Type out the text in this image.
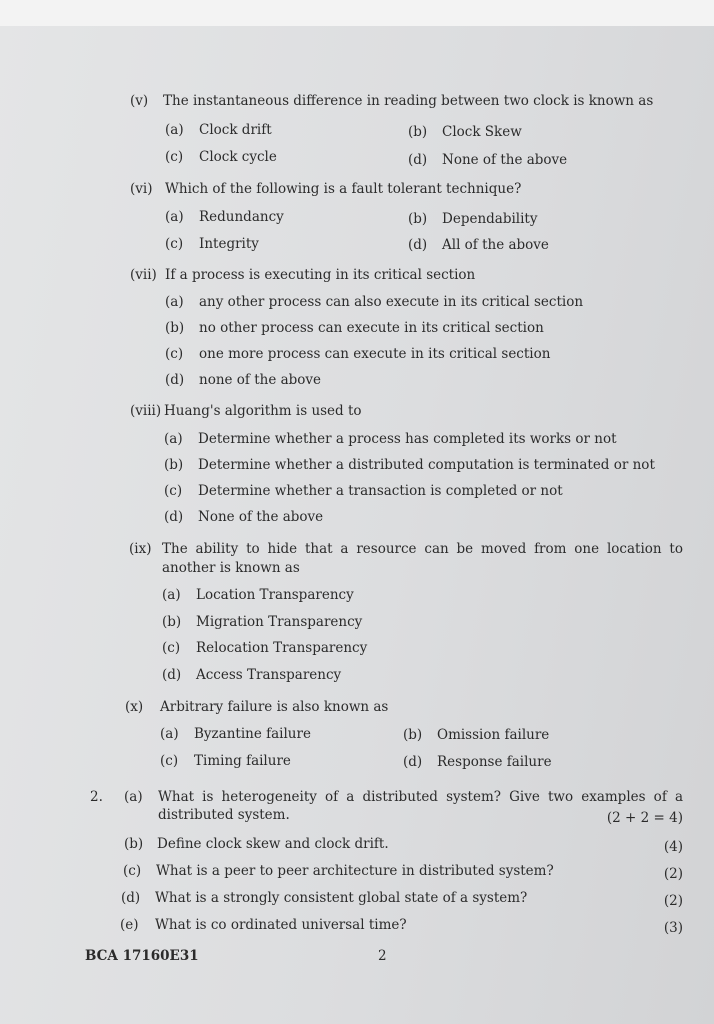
(v) The instantaneous difference in reading between two clock is known as
(a) Clock drift	(b) Clock Skew
(c) Clock cycle	(d) None of the above
(vi) Which of the following is a fault tolerant technique?
(a) Redundancy	(b) Dependability
(c) Integrity	(d) All of the above
(vii) If a process is executing in its critical section
(a) any other process can also execute in its critical section
(b) no other process can execute in its critical section
(c) one more process can execute in its critical section
(d) none of the above
(viii) Huang's algorithm is used to
(a) Determine whether a process has completed its works or not
(b) Determine whether a distributed computation is terminated or not
(c) Determine whether a transaction is completed or not
(d) None of the above
(ix) The ability to hide that a resource can be moved from one location to
another is known as
(a) Location Transparency
(b) Migration Transparency
(c) Relocation Transparency
(d) Access Transparency
(x) Arbitrary failure is also known as
(a) Byzantine failure	(b) Omission failure
(c) Timing failure	(d) Response failure
2. (a) What is heterogeneity of a distributed system? Give two examples of a
distributed system.	(2 + 2 = 4)
(b) Define clock skew and clock drift.	(4)
(c) What is a peer to peer architecture in distributed system?	(2)
(d) What is a strongly consistent global state of a system?	(2)
(e) What is co ordinated universal time?	(3)
BCA 17160E31	2
